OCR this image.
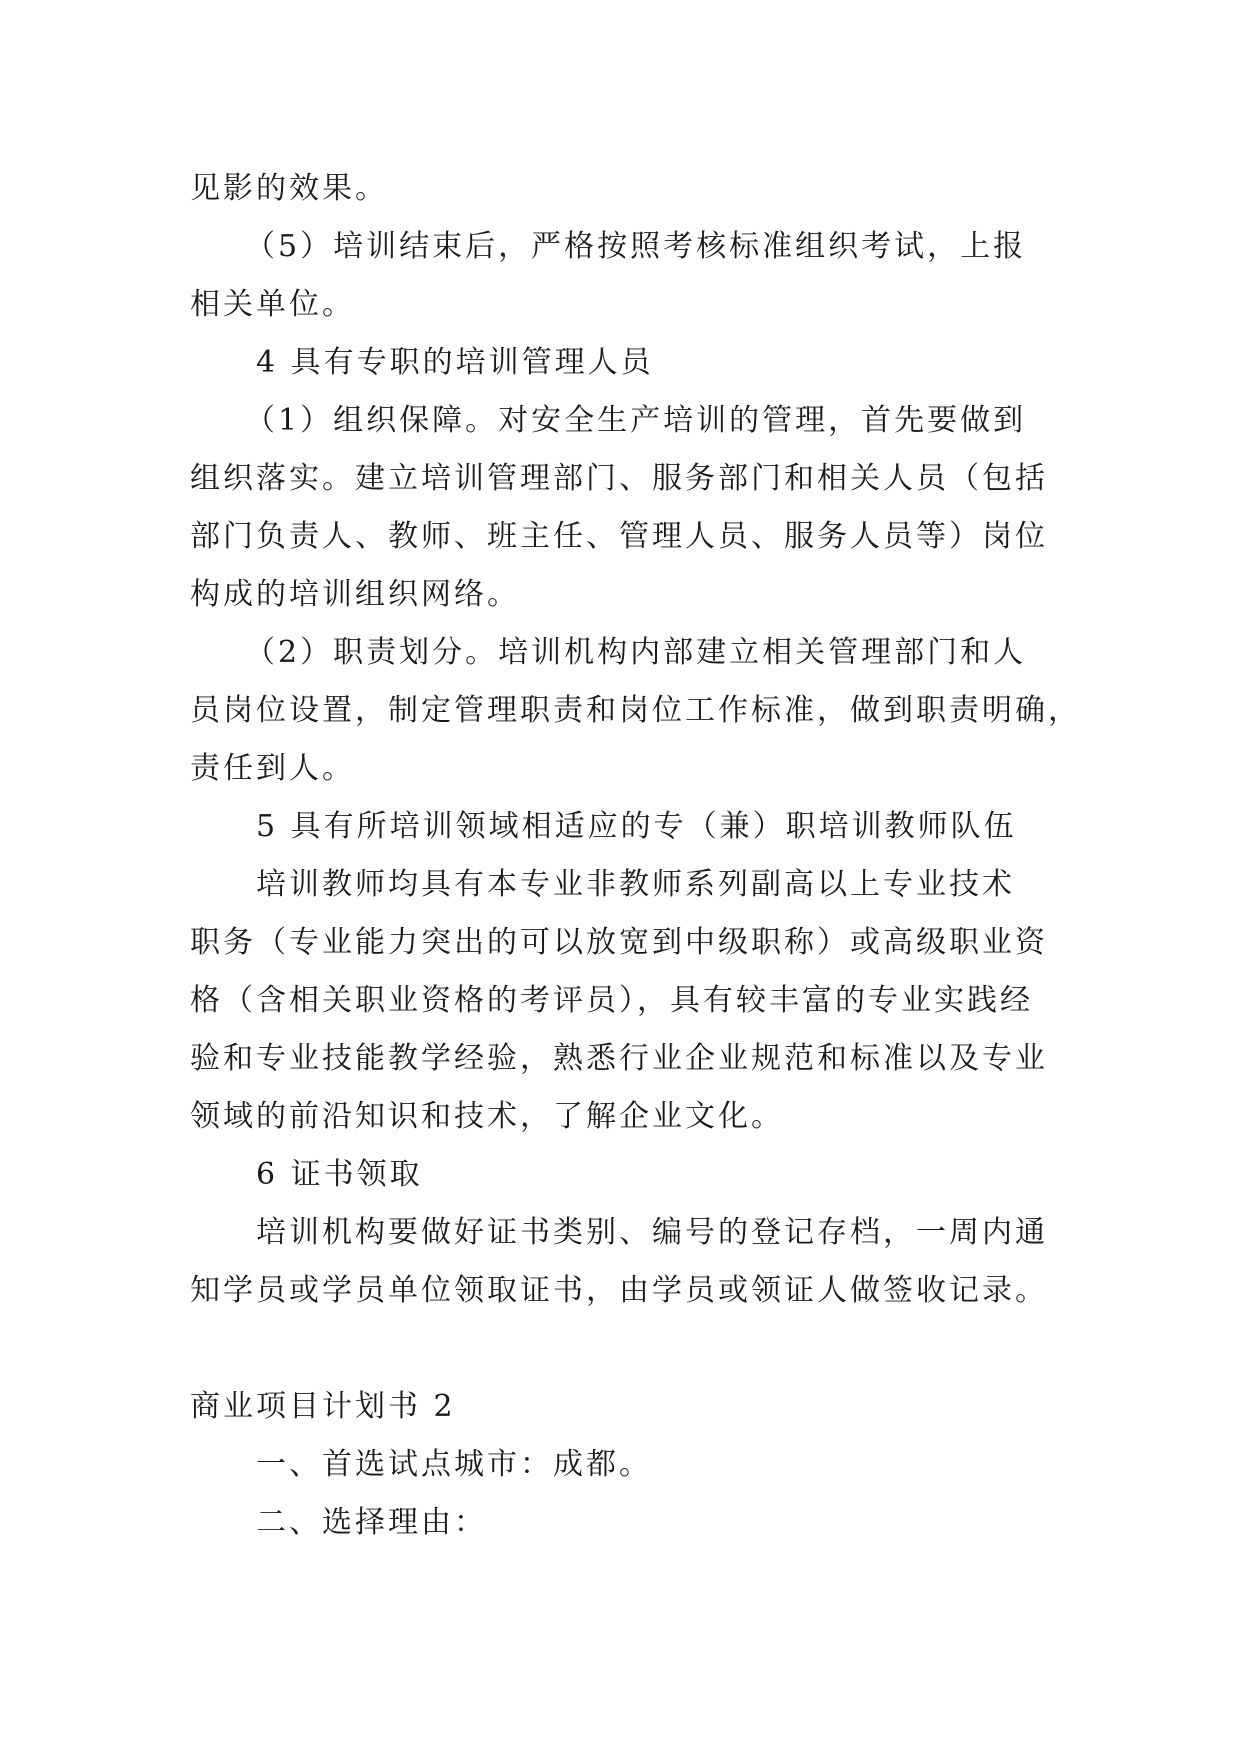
见影的效果。
（5）培训结束后，严格按照考核标准组织考试，上报
相关单位。
4 具有专职的培训管理人员
（1）组织保障。对安全生产培训的管理，首先要做到
组织落实。建立培训管理部门、服务部门和相关人员（包括
部门负责人、教师、班主任、管理人员、服务人员等）岗位
构成的培训组织网络。
（2）职责划分。培训机构内部建立相关管理部门和人
员岗位设置，制定管理职责和岗位工作标准，做到职责明确，
责任到人。
5 具有所培训领域相适应的专（兼）职培训教师队伍
培训教师均具有本专业非教师系列副高以上专业技术
职务（专业能力突出的可以放宽到中级职称）或高级职业资
格（含相关职业资格的考评员），具有较丰富的专业实践经
验和专业技能教学经验，熟悉行业企业规范和标准以及专业
领域的前沿知识和技术，了解企业文化。
6 证书领取
培训机构要做好证书类别、编号的登记存档，一周内通
知学员或学员单位领取证书，由学员或领证人做签收记录。
商业项目计划书 2
一、首选试点城市：成都。
二、选择理由：
